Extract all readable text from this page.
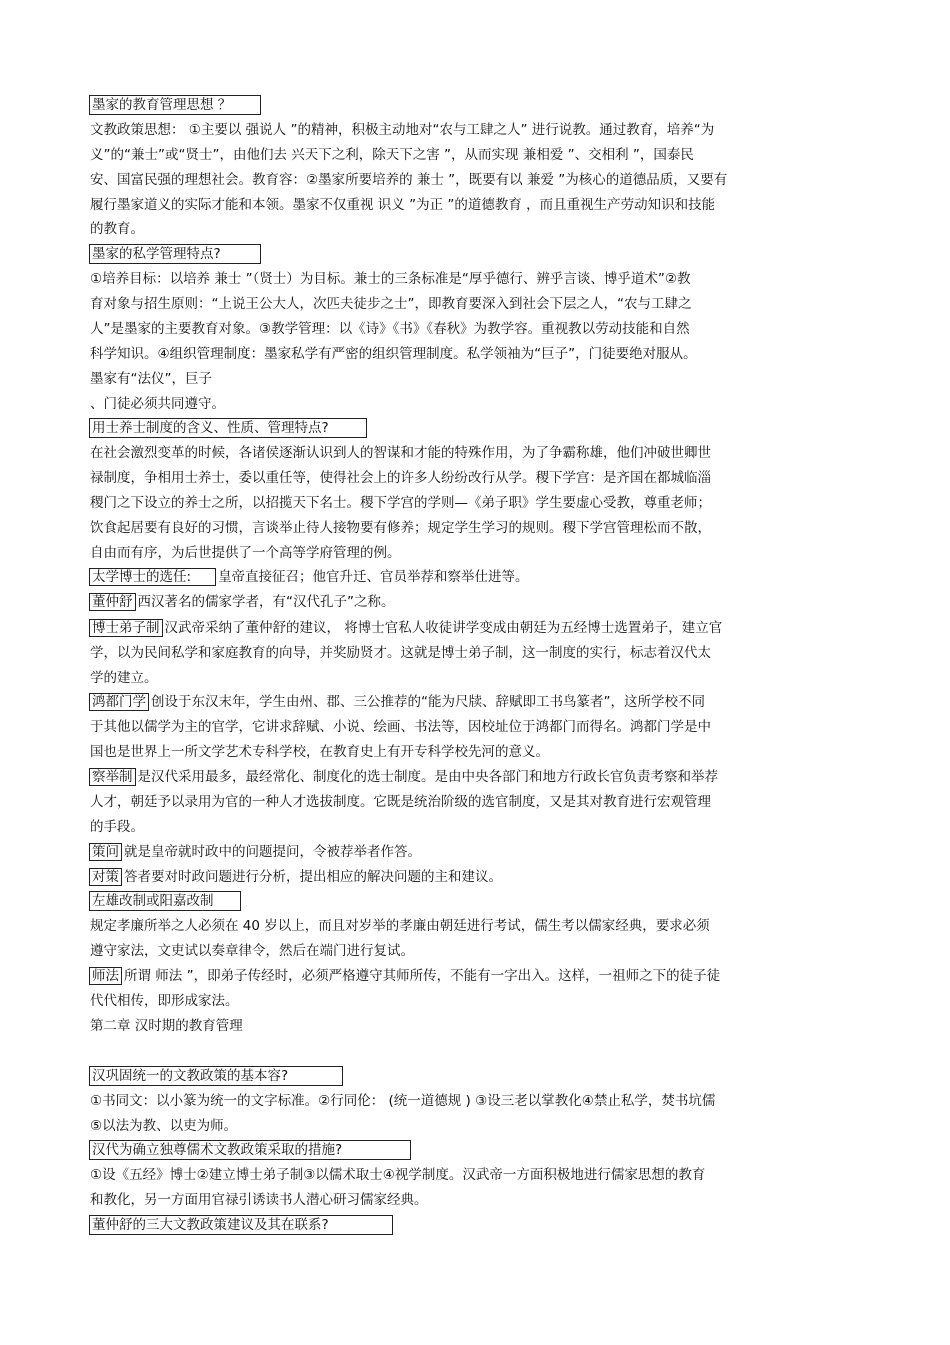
墨家的教育管理思想 ？
文教政策思想： ①主要以 强说人 ”的精神，积极主动地对“农与工肆之人” 进行说教。通过教育，培养“为
义”的“兼士”或“贤士”，由他们去 兴天下之利，除天下之害 ”，从而实现 兼相爱 ”、交相利 ”，国泰民
安、国富民强的理想社会。教育容：②墨家所要培养的 兼士 ”，既要有以 兼爱 ”为核心的道德品质，又要有
履行墨家道义的实际才能和本领。墨家不仅重视 识义 ”为正 ”的道德教育 ，而且重视生产劳动知识和技能
的教育。
墨家的私学管理特点?
①培养目标：以培养 兼士 ”（贤士）为目标。兼士的三条标准是“厚乎德行、辨乎言谈、博乎道术”②教
育对象与招生原则：“上说王公大人，次匹夫徒步之士”，即教育要深入到社会下层之人，“农与工肆之
人”是墨家的主要教育对象。③教学管理：以《诗》《书》《春秋》为教学容。重视教以劳动技能和自然
科学知识。④组织管理制度：墨家私学有严密的组织管理制度。私学领袖为“巨子”，门徒要绝对服从。
墨家有“法仪”，巨子
、门徒必须共同遵守。
用士养士制度的含义、性质、管理特点?
在社会激烈变革的时候，各诸侯逐渐认识到人的智谋和才能的特殊作用，为了争霸称雄，他们冲破世卿世
禄制度，争相用士养士，委以重任等，使得社会上的许多人纷纷改行从学。稷下学宫：是齐国在都城临淄
稷门之下设立的养士之所，以招揽天下名士。稷下学宫的学则—《弟子职》学生要虚心受教，尊重老师；
饮食起居要有良好的习惯，言谈举止待人接物要有修养；规定学生学习的规则。稷下学宫管理松而不散，
自由而有序，为后世提供了一个高等学府管理的例。
太学博士的选任: 皇帝直接征召；他官升迁、官员举荐和察举仕进等。
董仲舒 西汉著名的儒家学者，有“汉代孔子”之称。
博士弟子制 汉武帝采纳了董仲舒的建议， 将博士官私人收徒讲学变成由朝廷为五经博士选置弟子，建立官
学，以为民间私学和家庭教育的向导，并奖励贤才。这就是博士弟子制，这一制度的实行，标志着汉代太
学的建立。
鸿都门学 创设于东汉末年，学生由州、郡、三公推荐的“能为尺牍、辞赋即工书鸟篆者”，这所学校不同
于其他以儒学为主的官学，它讲求辞赋、小说、绘画、书法等，因校址位于鸿都门而得名。鸿都门学是中
国也是世界上一所文学艺术专科学校，在教育史上有开专科学校先河的意义。
察举制 是汉代采用最多，最经常化、制度化的选士制度。是由中央各部门和地方行政长官负责考察和举荐
人才，朝廷予以录用为官的一种人才选拔制度。它既是统治阶级的选官制度，又是其对教育进行宏观管理
的手段。
策问 就是皇帝就时政中的问题提问，令被荐举者作答。
对策 答者要对时政问题进行分析，提出相应的解决问题的主和建议。
左雄改制或阳嘉改制
规定孝廉所举之人必须在 40 岁以上，而且对岁举的孝廉由朝廷进行考试，儒生考以儒家经典，要求必须
遵守家法，文吏试以奏章律令，然后在端门进行复试。
师法 所谓 师法 ”，即弟子传经时，必须严格遵守其师所传，不能有一字出入。这样，一祖师之下的徒子徒
代代相传，即形成家法。
第二章 汉时期的教育管理
汉巩固统一的文教政策的基本容?
①书同文：以小篆为统一的文字标准。②行同伦： (统一道德规 ) ③设三老以掌教化④禁止私学，焚书坑儒
⑤以法为教、以吏为师。
汉代为确立独尊儒术文教政策采取的措施?
①设《五经》博士②建立博士弟子制③以儒术取士④视学制度。汉武帝一方面积极地进行儒家思想的教育
和教化，另一方面用官禄引诱读书人潜心研习儒家经典。
董仲舒的三大文教政策建议及其在联系?
